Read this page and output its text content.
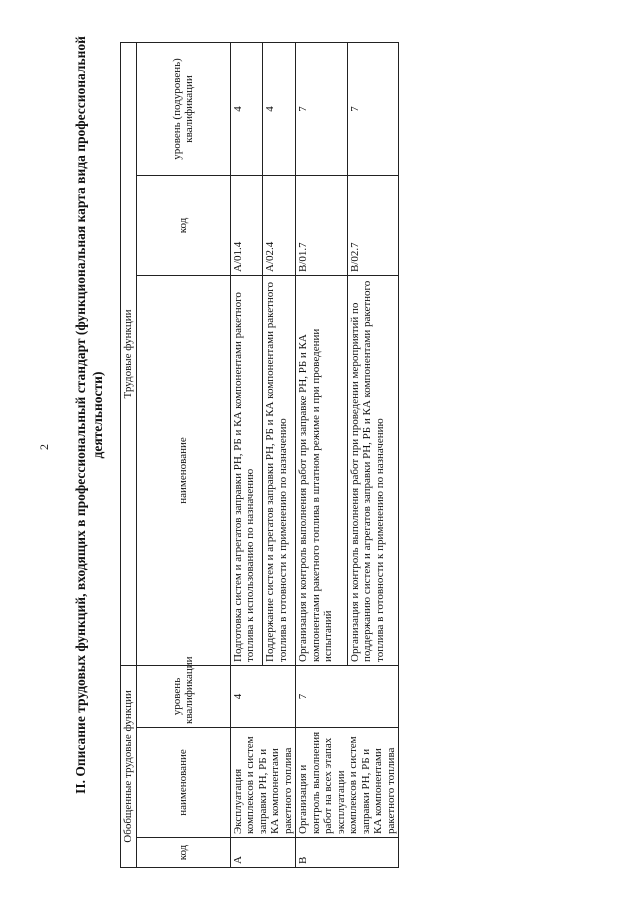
2 II. Описание трудовых функций, входящих в профессиональный стандарт (функциональная карта вида профессиональной деятельности)
Обобщенные трудовые функции			Трудовые функции		
код	наименование	уровень квалификации	наименование	код	уровень (подуровень) квалификации
A	Эксплуатация комплексов и систем заправки РН, РБ и КА компонентами ракетного топлива	4	Подготовка систем и агрегатов заправки РН, РБ и КА компонентами ракетного топлива к использованию по назначению	A/01.4	4
			Поддержание систем и агрегатов заправки РН, РБ и КА компонентами ракетного топлива в готовности к применению по назначению	A/02.4	4
B	Организация и контроль выполнения работ на всех этапах эксплуатации комплексов и систем заправки РН, РБ и КА компонентами ракетного топлива	7	Организация и контроль выполнения работ при заправке РН, РБ и КА компонентами ракетного топлива в штатном режиме и при проведении испытаний	B/01.7	7
			Организация и контроль выполнения работ при проведении мероприятий по поддержанию систем и агрегатов заправки РН, РБ и КА компонентами ракетного топлива в готовности к применению по назначению	B/02.7	7
